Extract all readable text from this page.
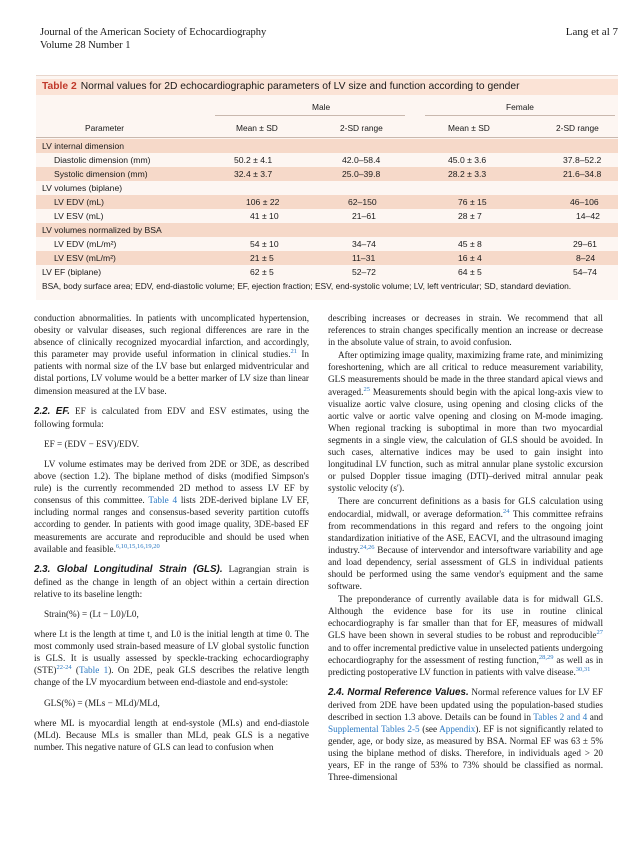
Journal of the American Society of Echocardiography
Volume 28 Number 1
Lang et al 7
Table 2 Normal values for 2D echocardiographic parameters of LV size and function according to gender
Male	Female
Parameter	Mean ± SD	2-SD range	Mean ± SD	2-SD range
LV internal dimension
Diastolic dimension (mm)	50.2 ± 4.1	42.0–58.4	45.0 ± 3.6	37.8–52.2
Systolic dimension (mm)	32.4 ± 3.7	25.0–39.8	28.2 ± 3.3	21.6–34.8
LV volumes (biplane)
LV EDV (mL)	106 ± 22	62–150	76 ± 15	46–106
LV ESV (mL)	41 ± 10	21–61	28 ± 7	14–42
LV volumes normalized by BSA
LV EDV (mL/m²)	54 ± 10	34–74	45 ± 8	29–61
LV ESV (mL/m²)	21 ± 5	11–31	16 ± 4	8–24
LV EF (biplane)	62 ± 5	52–72	64 ± 5	54–74
BSA, body surface area; EDV, end-diastolic volume; EF, ejection fraction; ESV, end-systolic volume; LV, left ventricular; SD, standard deviation.

conduction abnormalities. In patients with uncomplicated hypertension, obesity or valvular diseases, such regional differences are rare in the absence of clinically recognized myocardial infarction, and accordingly, this parameter may provide useful information in clinical studies.$^{21}$ In patients with normal size of the LV base but enlarged midventricular and distal portions, LV volume would be a better marker of LV size than linear dimension measured at the LV base.

2.2. EF. EF is calculated from EDV and ESV estimates, using the following formula:

EF = (EDV − ESV)/EDV.

LV volume estimates may be derived from 2DE or 3DE, as described above (section 1.2). The biplane method of disks (modified Simpson's rule) is the currently recommended 2D method to assess LV EF by consensus of this committee. Table 4 lists 2DE-derived biplane LV EF, including normal ranges and consensus-based severity partition cutoffs according to gender. In patients with good image quality, 3DE-based EF measurements are accurate and reproducible and should be used when available and feasible.$^{6,10,15,16,19,20}$

2.3. Global Longitudinal Strain (GLS). Lagrangian strain is defined as the change in length of an object within a certain direction relative to its baseline length:

Strain(%) = (Lt − L0)/L0,

where Lt is the length at time t, and L0 is the initial length at time 0. The most commonly used strain-based measure of LV global systolic function is GLS. It is usually assessed by speckle-tracking echocardiography (STE)$^{22-24}$ (Table 1). On 2DE, peak GLS describes the relative length change of the LV myocardium between end-diastole and end-systole:

GLS(%) = (MLs − MLd)/MLd,

where ML is myocardial length at end-systole (MLs) and end-diastole (MLd). Because MLs is smaller than MLd, peak GLS is a negative number. This negative nature of GLS can lead to confusion when

describing increases or decreases in strain. We recommend that all references to strain changes specifically mention an increase or decrease in the absolute value of strain, to avoid confusion.

After optimizing image quality, maximizing frame rate, and minimizing foreshortening, which are all critical to reduce measurement variability, GLS measurements should be made in the three standard apical views and averaged.$^{25}$ Measurements should begin with the apical long-axis view to visualize aortic valve closure, using opening and closing clicks of the aortic valve or aortic valve opening and closing on M-mode imaging. When regional tracking is suboptimal in more than two myocardial segments in a single view, the calculation of GLS should be avoided. In such cases, alternative indices may be used to gain insight into longitudinal LV function, such as mitral annular plane systolic excursion or pulsed Doppler tissue imaging (DTI)–derived mitral annular peak systolic velocity (s′).

There are concurrent definitions as a basis for GLS calculation using endocardial, midwall, or average deformation.$^{24}$ This committee refrains from recommendations in this regard and refers to the ongoing joint standardization initiative of the ASE, EACVI, and the ultrasound imaging industry.$^{24,26}$ Because of intervendor and intersoftware variability and age and load dependency, serial assessment of GLS in individual patients should be performed using the same vendor's equipment and the same software.

The preponderance of currently available data is for midwall GLS. Although the evidence base for its use in routine clinical echocardiography is far smaller than that for EF, measures of midwall GLS have been shown in several studies to be robust and reproducible$^{27}$ and to offer incremental predictive value in unselected patients undergoing echocardiography for the assessment of resting function,$^{28,29}$ as well as in predicting postoperative LV function in patients with valve disease.$^{30,31}$

2.4. Normal Reference Values. Normal reference values for LV EF derived from 2DE have been updated using the population-based studies described in section 1.3 above. Details can be found in Tables 2 and 4 and Supplemental Tables 2-5 (see Appendix). EF is not significantly related to gender, age, or body size, as measured by BSA. Normal EF was 63 ± 5% using the biplane method of disks. Therefore, in individuals aged > 20 years, EF in the range of 53% to 73% should be classified as normal. Three-dimensional
